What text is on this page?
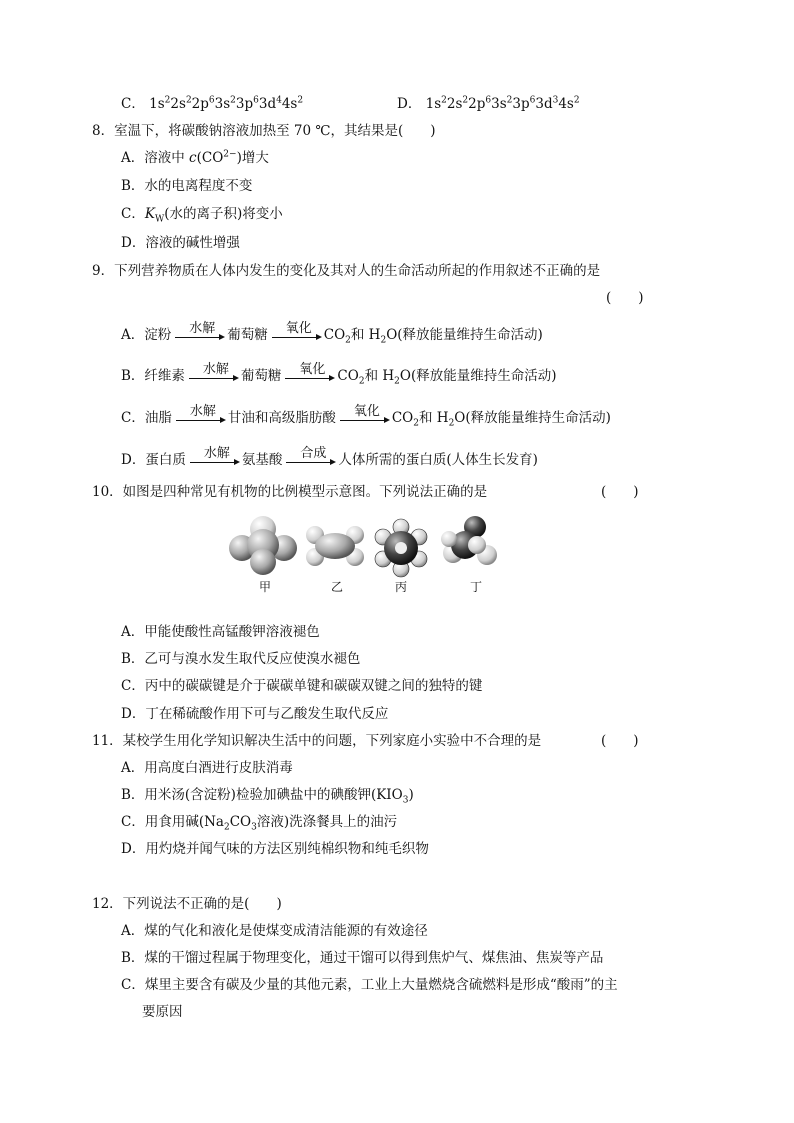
C． $1s^22s^22p^63s^23p^63d^44s^2$	D． $1s^22s^22p^63s^23p^63d^34s^2$
8．室温下，将碳酸钠溶液加热至 70 ℃，其结果是(　　)
A．溶液中 $c(CO^{2-})$增大
B．水的电离程度不变
C．$K_W$(水的离子积)将变小
D．溶液的碱性增强
9．下列营养物质在人体内发生的变化及其对人的生命活动所起的作用叙述不正确的是
(　　)
A．淀粉	水解 葡萄糖	氧化 $CO_2$和 $H_2O$(释放能量维持生命活动)
B．纤维素	水解 葡萄糖	氧化 $CO_2$和 $H_2O$(释放能量维持生命活动)
C．油脂	水解 甘油和高级脂肪酸	氧化 $CO_2$和 $H_2O$(释放能量维持生命活动)
D．蛋白质	水解 氨基酸	合成 人体所需的蛋白质(人体生长发育)
10．如图是四种常见有机物的比例模型示意图。下列说法正确的是	(　　)
甲	乙	丙	丁
A．甲能使酸性高锰酸钾溶液褪色
B．乙可与溴水发生取代反应使溴水褪色
C．丙中的碳碳键是介于碳碳单键和碳碳双键之间的独特的键
D．丁在稀硫酸作用下可与乙酸发生取代反应
11．某校学生用化学知识解决生活中的问题，下列家庭小实验中不合理的是	(　　)
A．用高度白酒进行皮肤消毒
B．用米汤(含淀粉)检验加碘盐中的碘酸钾$(KIO_3)$
C．用食用碱($Na_2CO_3$溶液)洗涤餐具上的油污
D．用灼烧并闻气味的方法区别纯棉织物和纯毛织物
12．下列说法不正确的是(　　)
A．煤的气化和液化是使煤变成清洁能源的有效途径
B．煤的干馏过程属于物理变化，通过干馏可以得到焦炉气、煤焦油、焦炭等产品
C．煤里主要含有碳及少量的其他元素，工业上大量燃烧含硫燃料是形成“酸雨”的主
要原因
